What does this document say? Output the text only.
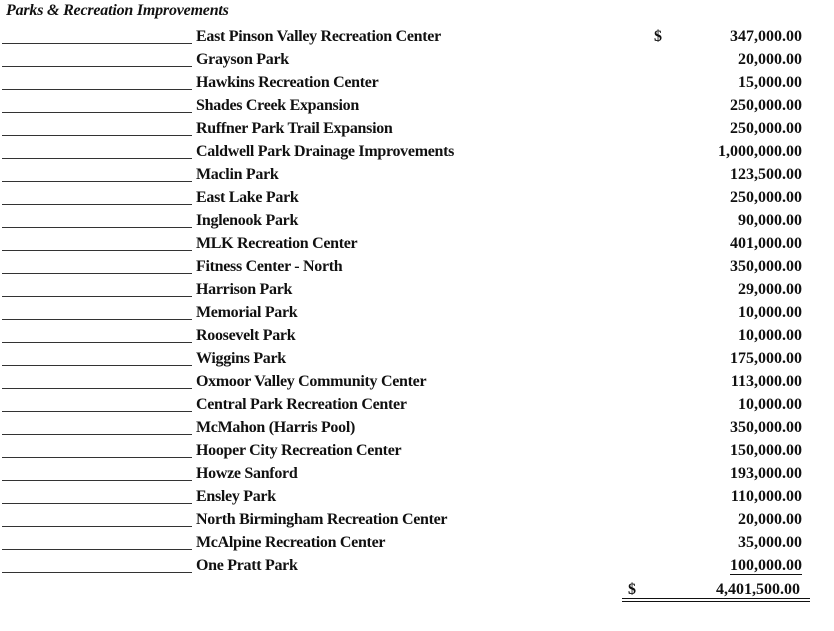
Parks & Recreation Improvements
East Pinson Valley Recreation Center	$	347,000.00
Grayson Park	20,000.00
Hawkins Recreation Center	15,000.00
Shades Creek Expansion	250,000.00
Ruffner Park Trail Expansion	250,000.00
Caldwell Park Drainage Improvements	1,000,000.00
Maclin Park	123,500.00
East Lake Park	250,000.00
Inglenook Park	90,000.00
MLK Recreation Center	401,000.00
Fitness Center - North	350,000.00
Harrison Park	29,000.00
Memorial Park	10,000.00
Roosevelt Park	10,000.00
Wiggins Park	175,000.00
Oxmoor Valley Community Center	113,000.00
Central Park Recreation Center	10,000.00
McMahon (Harris Pool)	350,000.00
Hooper City Recreation Center	150,000.00
Howze Sanford	193,000.00
Ensley Park	110,000.00
North Birmingham Recreation Center	20,000.00
McAlpine Recreation Center	35,000.00
One Pratt Park	100,000.00
$	4,401,500.00
